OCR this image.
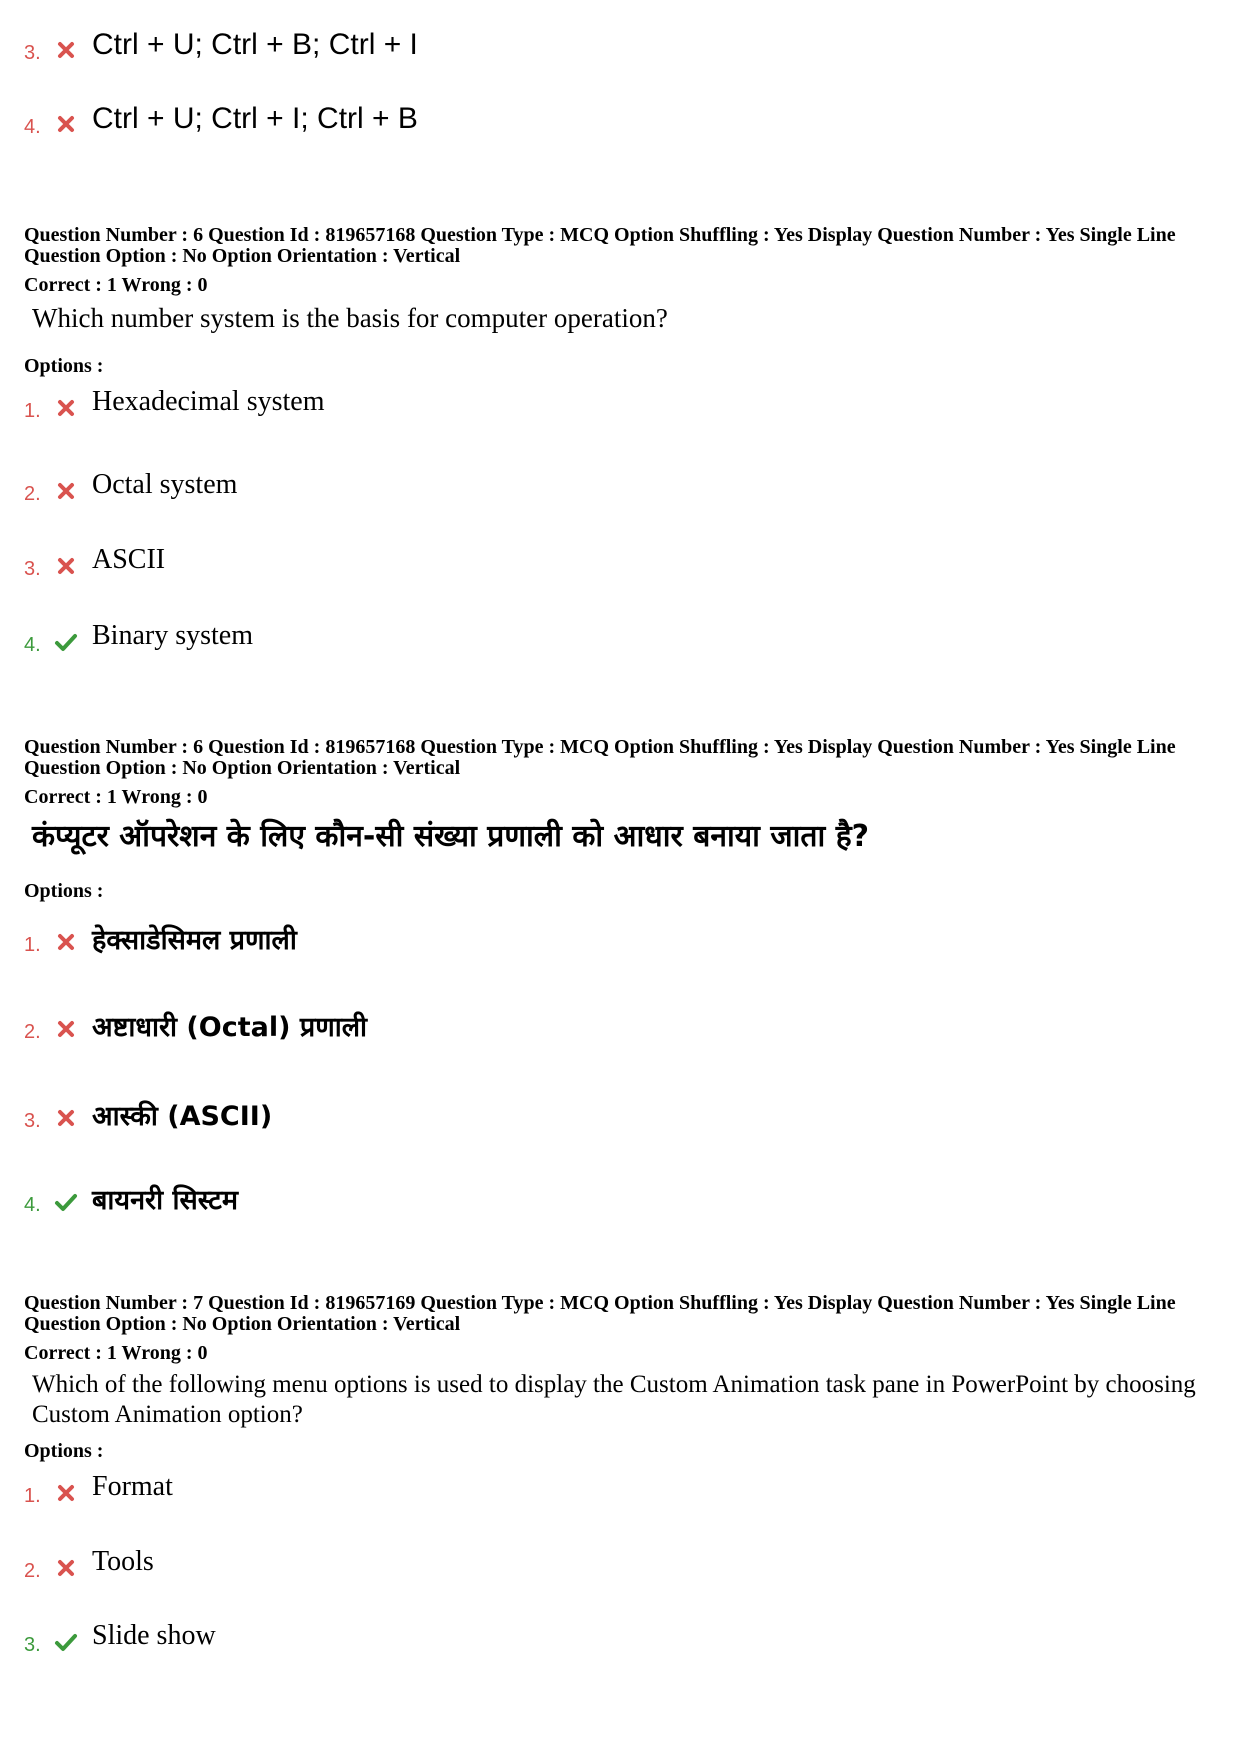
3. Ctrl + U; Ctrl + B; Ctrl + I
4. Ctrl + U; Ctrl + I; Ctrl + B
Question Number : 6 Question Id : 819657168 Question Type : MCQ Option Shuffling : Yes Display Question Number : Yes Single Line Question Option : No Option Orientation : Vertical
Correct : 1 Wrong : 0
Which number system is the basis for computer operation?
Options :
1. Hexadecimal system
2. Octal system
3. ASCII
4. Binary system
Question Number : 6 Question Id : 819657168 Question Type : MCQ Option Shuffling : Yes Display Question Number : Yes Single Line Question Option : No Option Orientation : Vertical
Correct : 1 Wrong : 0
कंप्यूटर ऑपरेशन के लिए कौन-सी संख्या प्रणाली को आधार बनाया जाता है?
Options :
1. हेक्साडेसिमल प्रणाली
2. अष्टाधारी (Octal) प्रणाली
3. आस्की (ASCII)
4. बायनरी सिस्टम
Question Number : 7 Question Id : 819657169 Question Type : MCQ Option Shuffling : Yes Display Question Number : Yes Single Line Question Option : No Option Orientation : Vertical
Correct : 1 Wrong : 0
Which of the following menu options is used to display the Custom Animation task pane in PowerPoint by choosing Custom Animation option?
Options :
1. Format
2. Tools
3. Slide show
